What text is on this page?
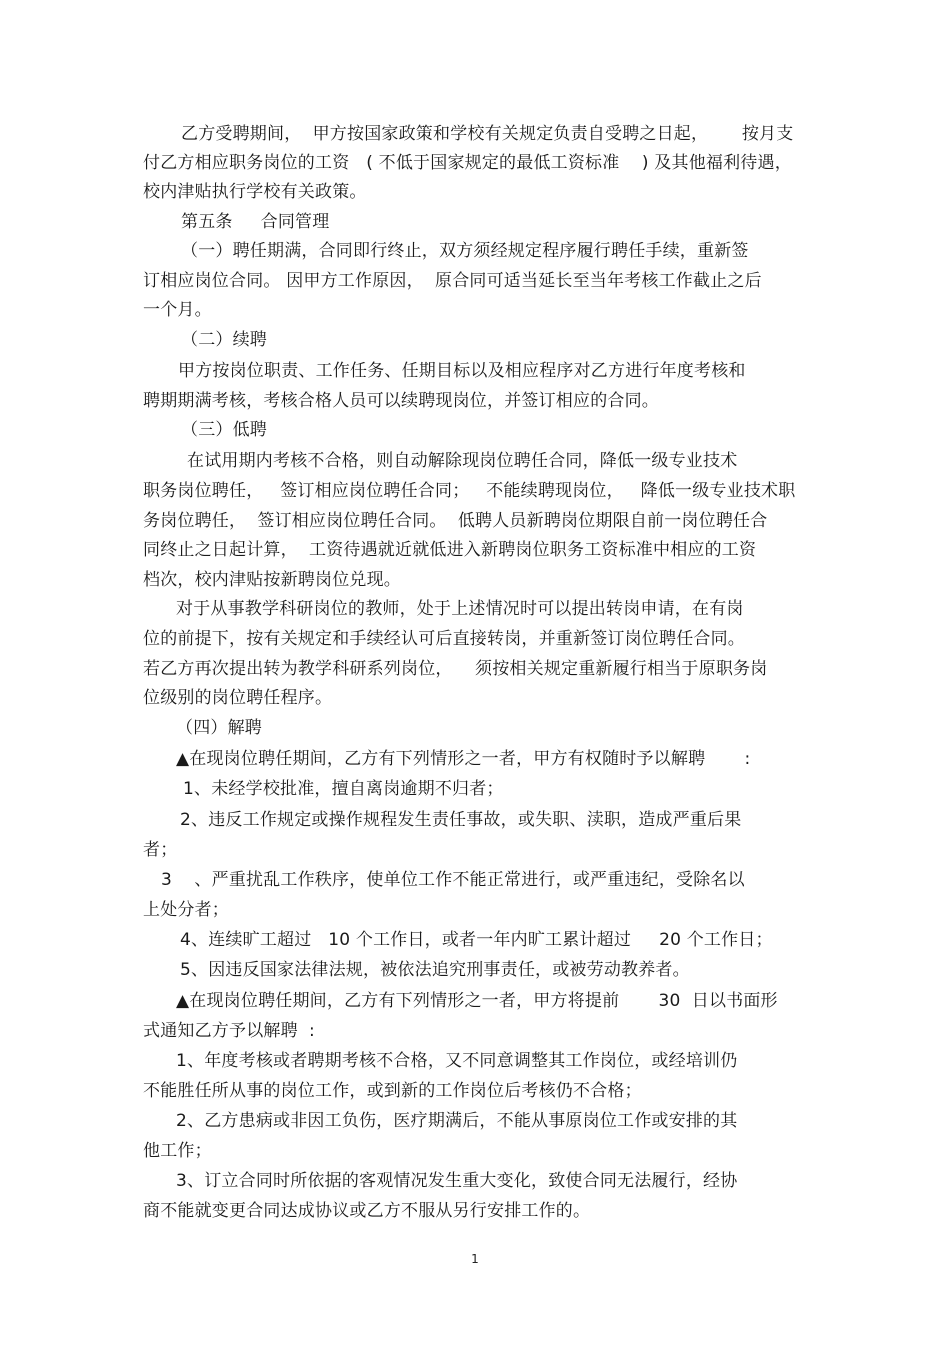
乙方受聘期间，  甲方按国家政策和学校有关规定负责自受聘之日起，      按月支
付乙方相应职务岗位的工资   ( 不低于国家规定的最低工资标准    ) 及其他福利待遇，
校内津贴执行学校有关政策。
第五条     合同管理
（一）聘任期满，合同即行终止，双方须经规定程序履行聘任手续，重新签
订相应岗位合同。 因甲方工作原因，  原合同可适当延长至当年考核工作截止之后
一个月。
（二）续聘
甲方按岗位职责、工作任务、任期目标以及相应程序对乙方进行年度考核和
聘期期满考核，考核合格人员可以续聘现岗位，并签订相应的合同。
（三）低聘
在试用期内考核不合格，则自动解除现岗位聘任合同，降低一级专业技术
职务岗位聘任，   签订相应岗位聘任合同；   不能续聘现岗位，   降低一级专业技术职
务岗位聘任，  签订相应岗位聘任合同。  低聘人员新聘岗位期限自前一岗位聘任合
同终止之日起计算，  工资待遇就近就低进入新聘岗位职务工资标准中相应的工资
档次，校内津贴按新聘岗位兑现。
对于从事教学科研岗位的教师，处于上述情况时可以提出转岗申请，在有岗
位的前提下，按有关规定和手续经认可后直接转岗，并重新签订岗位聘任合同。
若乙方再次提出转为教学科研系列岗位，    须按相关规定重新履行相当于原职务岗
位级别的岗位聘任程序。
（四）解聘
▲在现岗位聘任期间，乙方有下列情形之一者，甲方有权随时予以解聘       :
1、未经学校批准，擅自离岗逾期不归者；
2、违反工作规定或操作规程发生责任事故，或失职、渎职，造成严重后果
者；
3    、严重扰乱工作秩序，使单位工作不能正常进行，或严重违纪，受除名以
上处分者；
4、连续旷工超过   10 个工作日，或者一年内旷工累计超过     20 个工作日；
5、因违反国家法律法规，被依法追究刑事责任，或被劳动教养者。
▲在现岗位聘任期间，乙方有下列情形之一者，甲方将提前       30  日以书面形
式通知乙方予以解聘  :
1、年度考核或者聘期考核不合格，又不同意调整其工作岗位，或经培训仍
不能胜任所从事的岗位工作，或到新的工作岗位后考核仍不合格；
2、乙方患病或非因工负伤，医疗期满后，不能从事原岗位工作或安排的其
他工作；
3、订立合同时所依据的客观情况发生重大变化，致使合同无法履行，经协
商不能就变更合同达成协议或乙方不服从另行安排工作的。
1
